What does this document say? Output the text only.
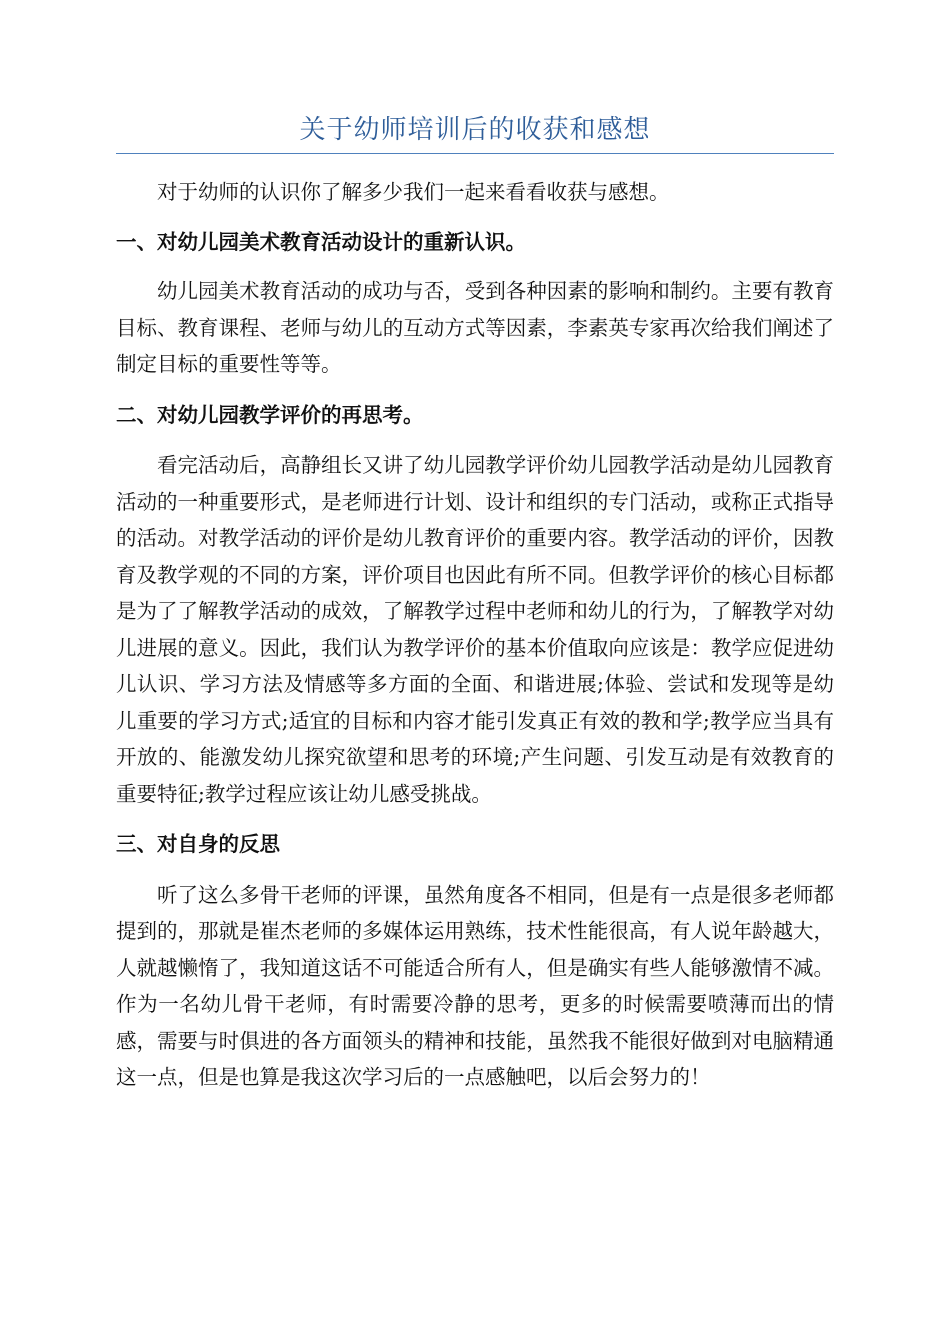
关于幼师培训后的收获和感想

对于幼师的认识你了解多少我们一起来看看收获与感想。

一、对幼儿园美术教育活动设计的重新认识。

幼儿园美术教育活动的成功与否，受到各种因素的影响和制约。主要有教育目标、教育课程、老师与幼儿的互动方式等因素，李素英专家再次给我们阐述了制定目标的重要性等等。

二、对幼儿园教学评价的再思考。

看完活动后，高静组长又讲了幼儿园教学评价幼儿园教学活动是幼儿园教育活动的一种重要形式，是老师进行计划、设计和组织的专门活动，或称正式指导的活动。对教学活动的评价是幼儿教育评价的重要内容。教学活动的评价，因教育及教学观的不同的方案，评价项目也因此有所不同。但教学评价的核心目标都是为了了解教学活动的成效，了解教学过程中老师和幼儿的行为，了解教学对幼儿进展的意义。因此，我们认为教学评价的基本价值取向应该是：教学应促进幼儿认识、学习方法及情感等多方面的全面、和谐进展;体验、尝试和发现等是幼儿重要的学习方式;适宜的目标和内容才能引发真正有效的教和学;教学应当具有开放的、能激发幼儿探究欲望和思考的环境;产生问题、引发互动是有效教育的重要特征;教学过程应该让幼儿感受挑战。

三、对自身的反思

听了这么多骨干老师的评课，虽然角度各不相同，但是有一点是很多老师都提到的，那就是崔杰老师的多媒体运用熟练，技术性能很高，有人说年龄越大，人就越懒惰了，我知道这话不可能适合所有人，但是确实有些人能够激情不减。作为一名幼儿骨干老师，有时需要冷静的思考，更多的时候需要喷薄而出的情感，需要与时俱进的各方面领头的精神和技能，虽然我不能很好做到对电脑精通这一点，但是也算是我这次学习后的一点感触吧，以后会努力的！
